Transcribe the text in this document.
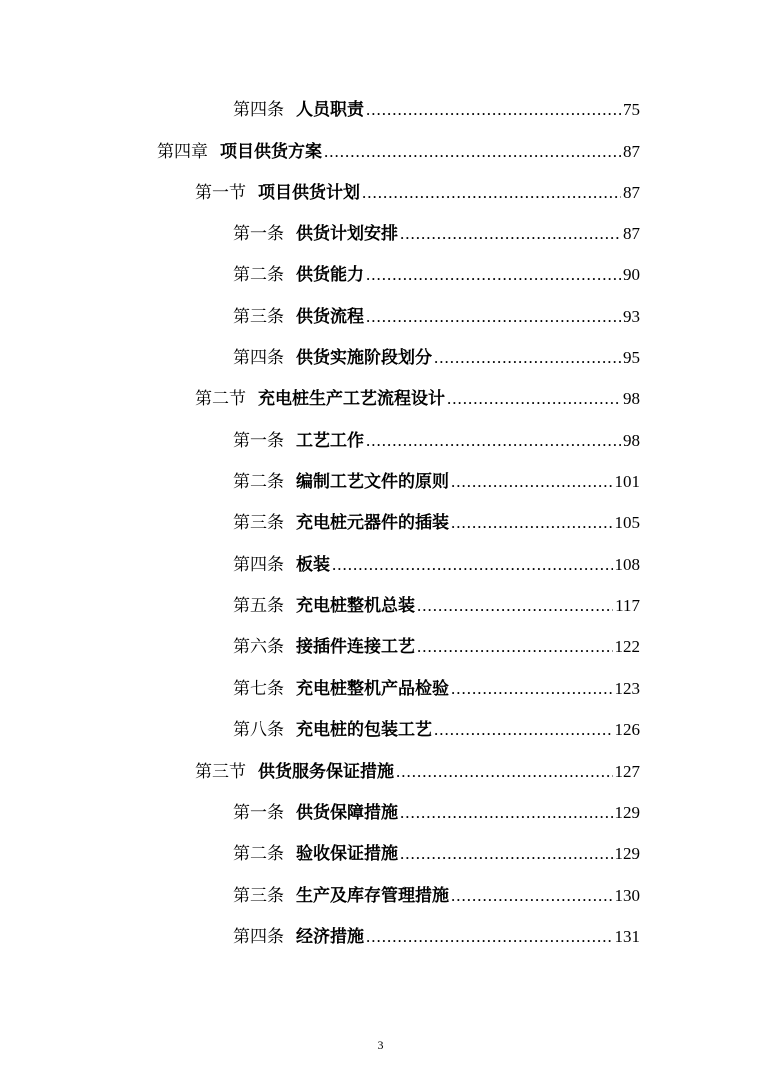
第四条 人员职责 .....	75
第四章 项目供货方案 .....	87
第一节 项目供货计划 .....	87
第一条 供货计划安排 .....	87
第二条 供货能力 .....	90
第三条 供货流程 .....	93
第四条 供货实施阶段划分 .....	95
第二节 充电桩生产工艺流程设计 .....	98
第一条 工艺工作 .....	98
第二条 编制工艺文件的原则 .....	101
第三条 充电桩元器件的插装 .....	105
第四条 板装 .....	108
第五条 充电桩整机总装 .....	117
第六条 接插件连接工艺 .....	122
第七条 充电桩整机产品检验 .....	123
第八条 充电桩的包装工艺 .....	126
第三节 供货服务保证措施 .....	127
第一条 供货保障措施 .....	129
第二条 验收保证措施 .....	129
第三条 生产及库存管理措施 .....	130
第四条 经济措施 .....	131
3
